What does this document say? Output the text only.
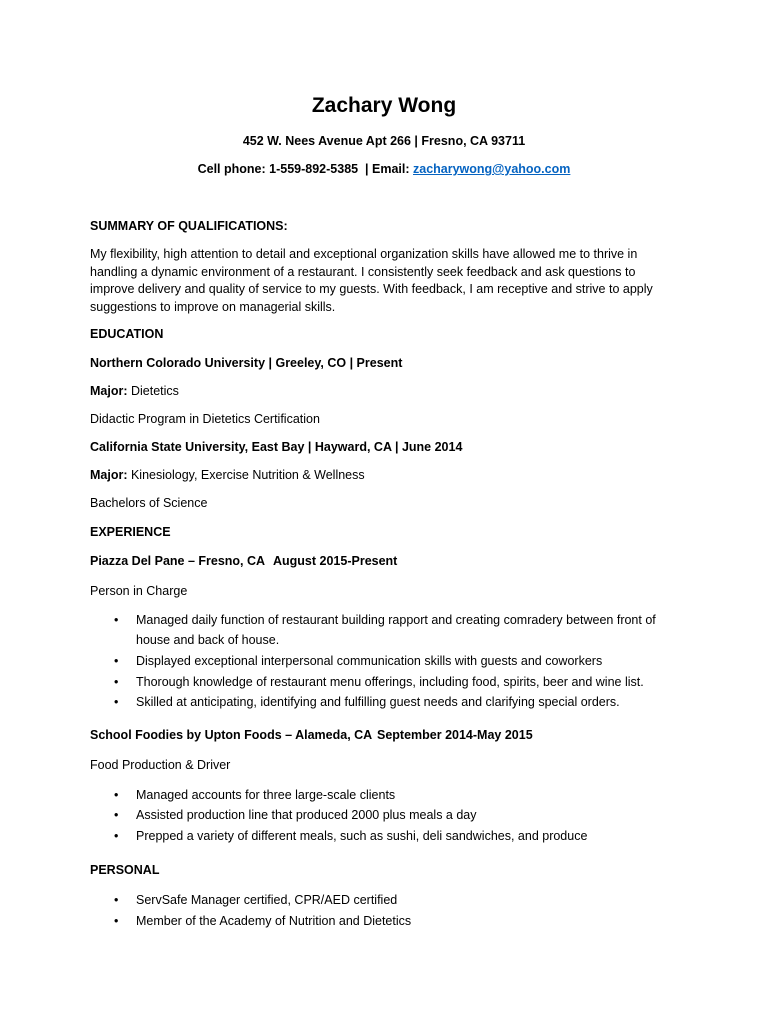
Zachary Wong
452 W. Nees Avenue Apt 266 | Fresno, CA 93711
Cell phone: 1-559-892-5385  | Email: zacharywong@yahoo.com
SUMMARY OF QUALIFICATIONS:
My flexibility, high attention to detail and exceptional organization skills have allowed me to thrive in handling a dynamic environment of a restaurant. I consistently seek feedback and ask questions to improve delivery and quality of service to my guests. With feedback, I am receptive and strive to apply suggestions to improve on managerial skills.
EDUCATION
Northern Colorado University | Greeley, CO | Present
Major: Dietetics
Didactic Program in Dietetics Certification
California State University, East Bay | Hayward, CA | June 2014
Major: Kinesiology, Exercise Nutrition & Wellness
Bachelors of Science
EXPERIENCE
Piazza Del Pane – Fresno, CA August 2015-Present
Person in Charge
• Managed daily function of restaurant building rapport and creating comradery between front of house and back of house.
• Displayed exceptional interpersonal communication skills with guests and coworkers
• Thorough knowledge of restaurant menu offerings, including food, spirits, beer and wine list.
• Skilled at anticipating, identifying and fulfilling guest needs and clarifying special orders.
School Foodies by Upton Foods – Alameda, CA September 2014-May 2015
Food Production & Driver
• Managed accounts for three large-scale clients
• Assisted production line that produced 2000 plus meals a day
• Prepped a variety of different meals, such as sushi, deli sandwiches, and produce
PERSONAL
• ServSafe Manager certified, CPR/AED certified
• Member of the Academy of Nutrition and Dietetics
